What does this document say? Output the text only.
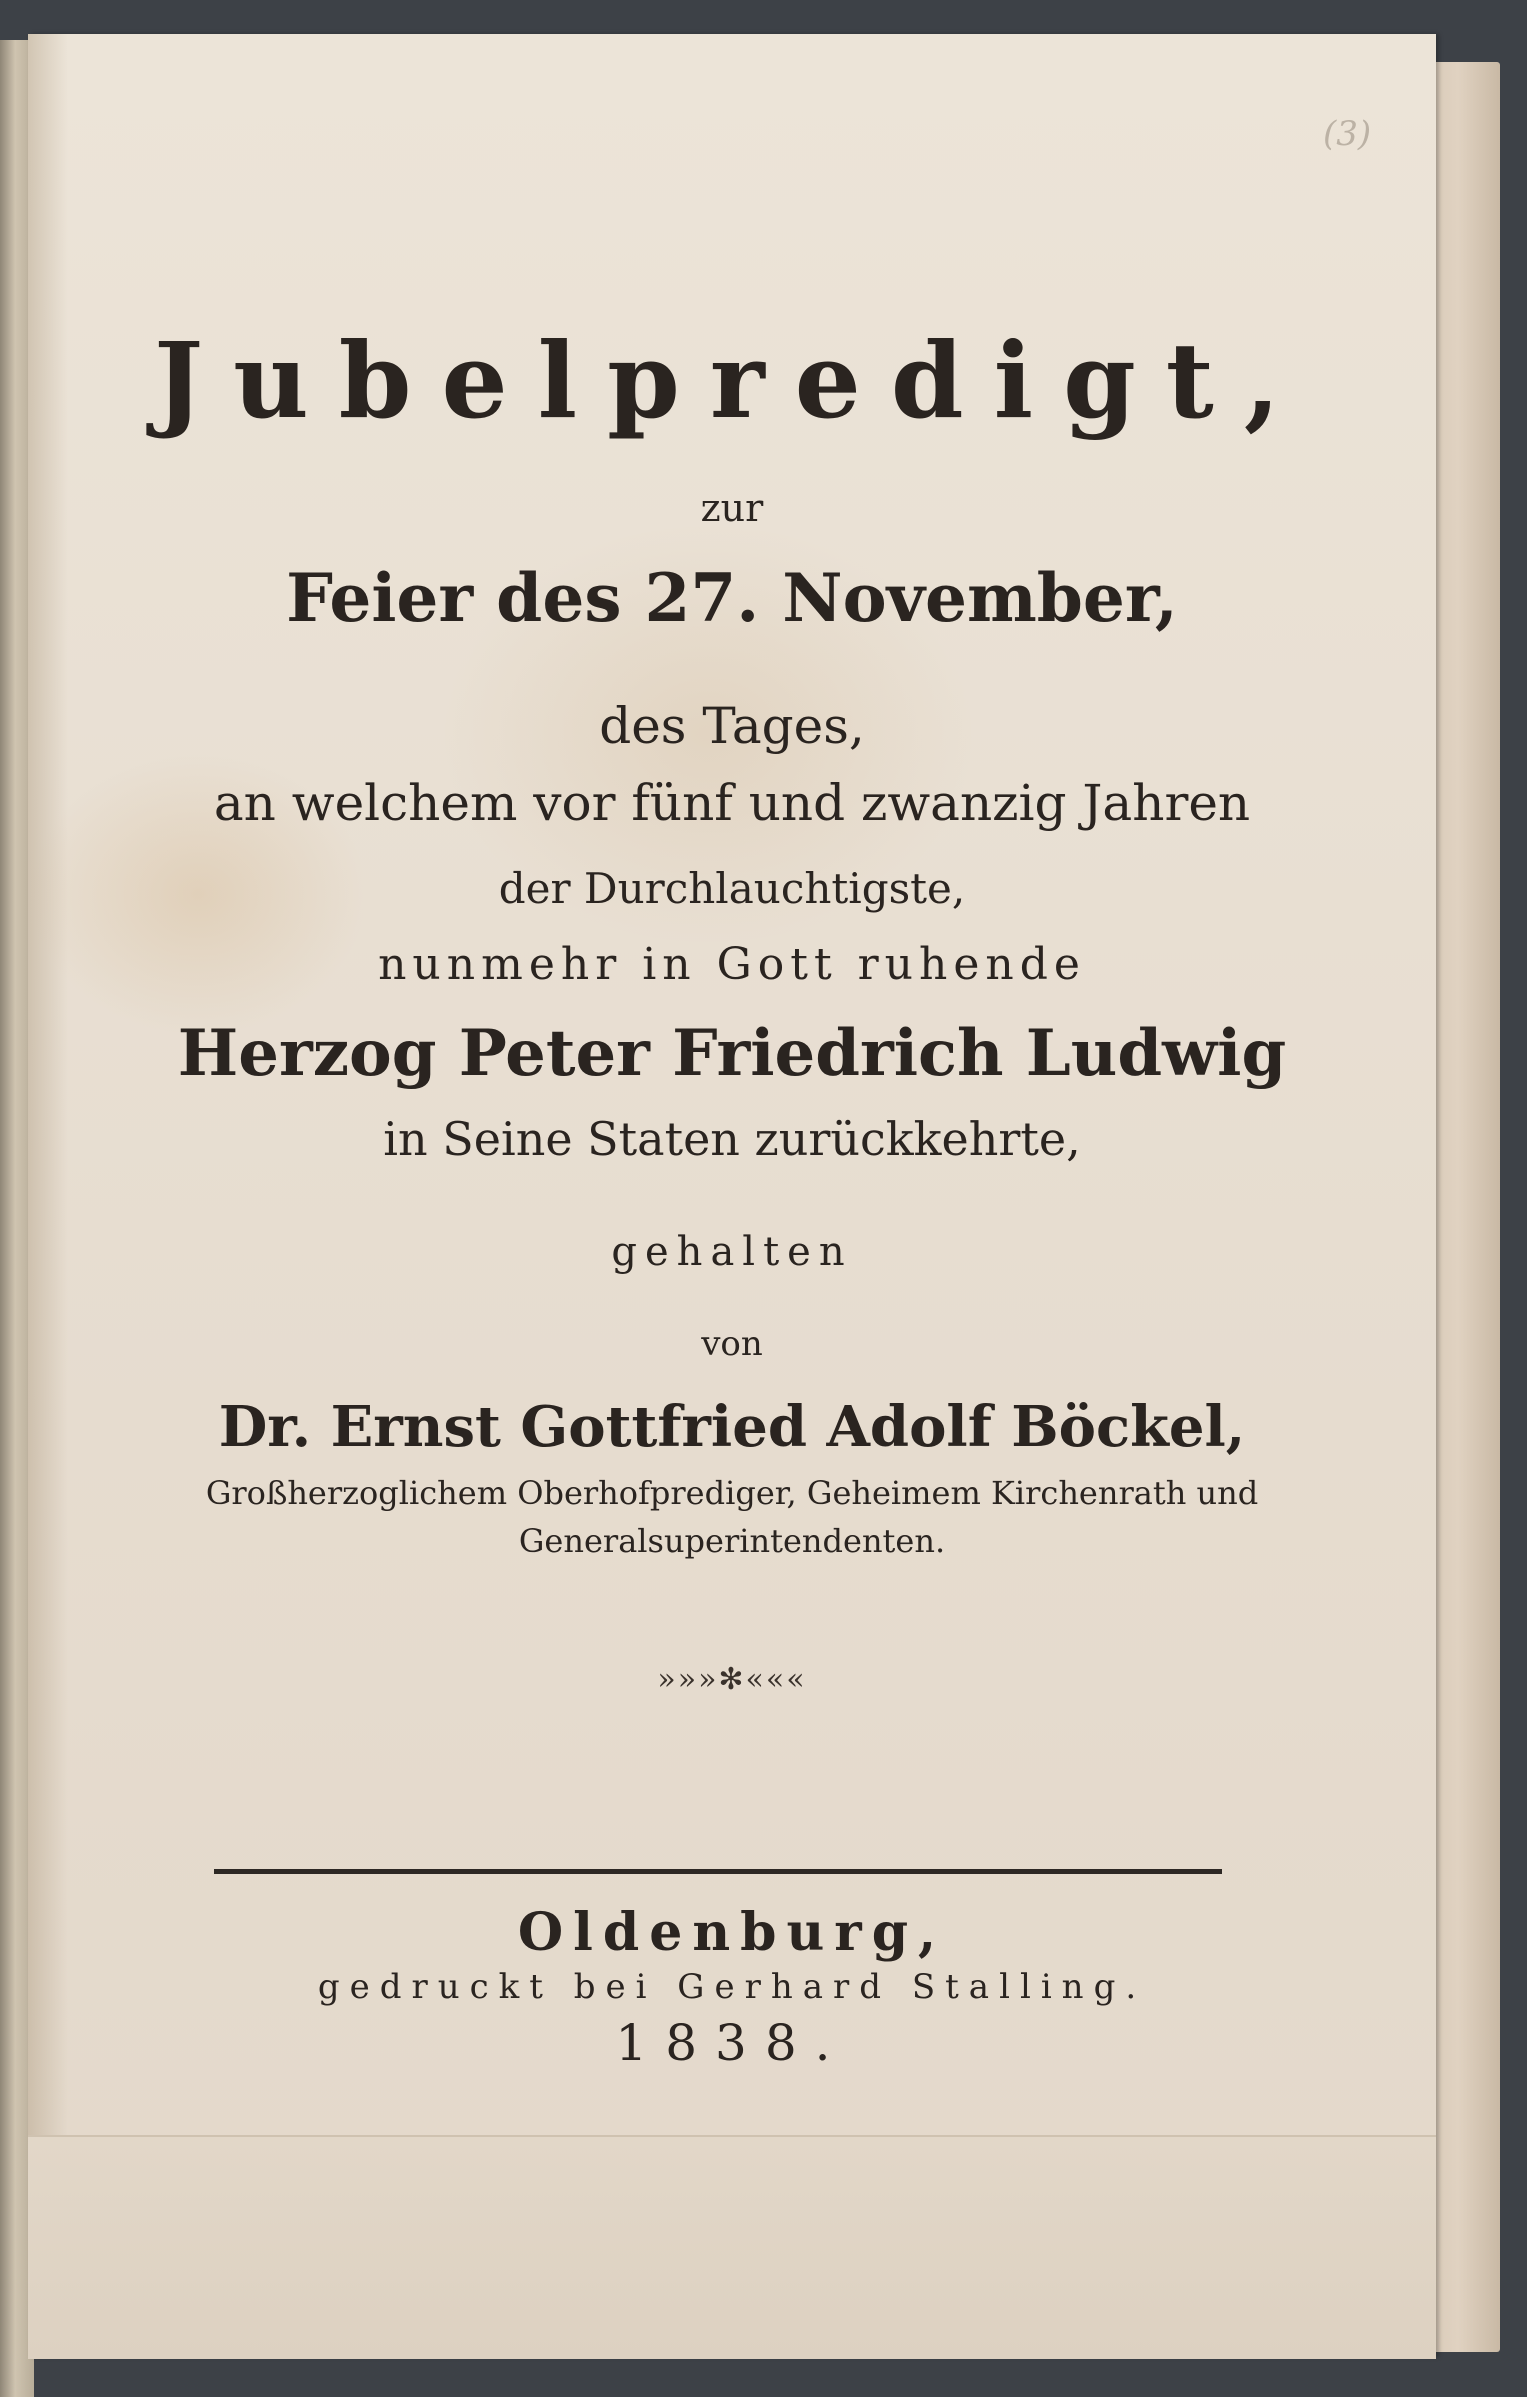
(3)
Jubelpredigt,
zur
Feier des 27. November,
des Tages,
an welchem vor fünf und zwanzig Jahren
der Durchlauchtigste,
nunmehr in Gott ruhende
Herzog Peter Friedrich Ludwig
in Seine Staten zurückkehrte,
gehalten
von
Dr. Ernst Gottfried Adolf Böckel,
Großherzoglichem Oberhofprediger, Geheimem Kirchenrath und
Generalsuperintendenten.
»»»✻«««
Oldenburg,
gedruckt bei Gerhard Stalling.
1838.
